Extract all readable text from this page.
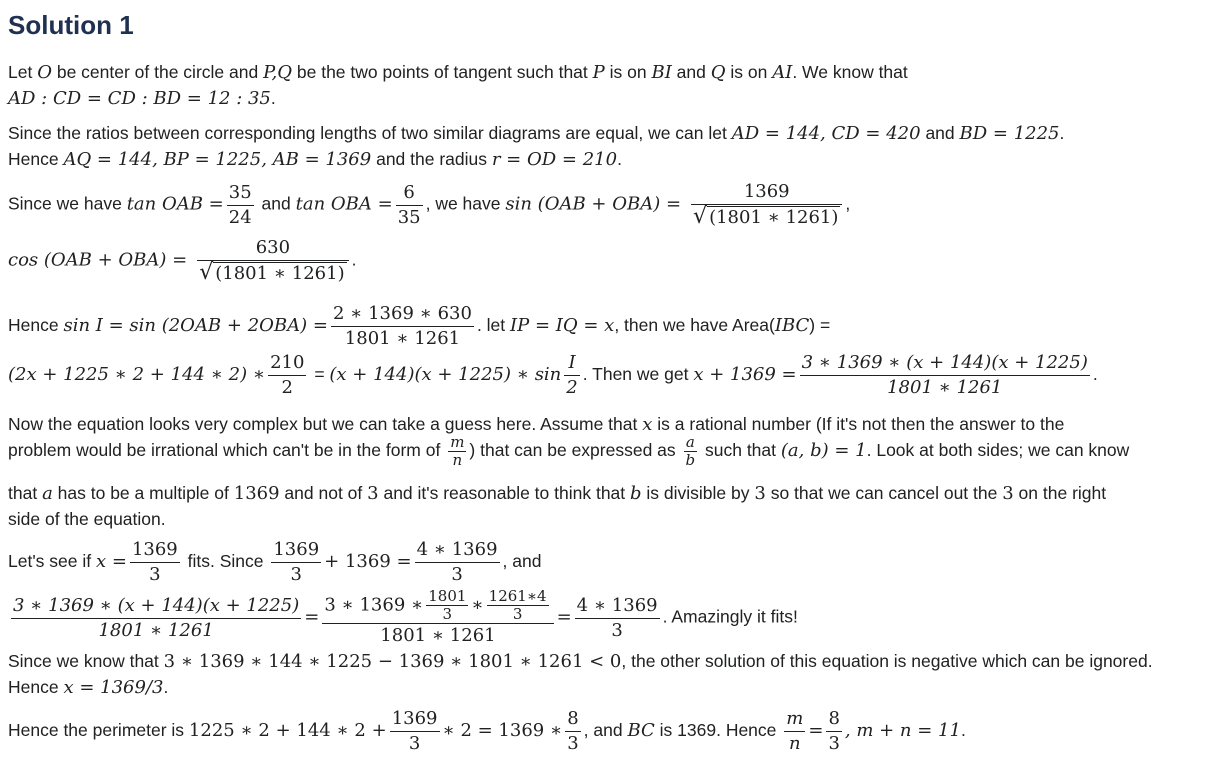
Solution 1
Let O be center of the circle and P,Q be the two points of tangent such that P is on BI and Q is on AI. We know that
AD : CD = CD : BD = 12 : 35.
Since the ratios between corresponding lengths of two similar diagrams are equal, we can let AD = 144, CD = 420 and BD = 1225.
Hence AQ = 144, BP = 1225, AB = 1369 and the radius r = OD = 210.
Since we have tan OAB = $\frac{35}{24}$ and tan OBA = $\frac{6}{35}$ , we have $\sin (OAB + OBA) = \frac{1369}{√ (1801 ∗ 1261)}$ ,
$\cos (OAB + OBA) = \frac{630}{√ (1801 ∗ 1261)}$ .
Hence $\sin I = \sin (2OAB + 2OBA) = \frac{2 ∗ 1369 ∗ 630}{1801 ∗ 1261}$ . let IP = IQ = x, then we have Area(IBC) =
(2x + 1225 ∗ 2 + 144 ∗ 2) ∗ $\frac{210}{2} = (x + 144)(x + 1225)$ ∗ $\sin \frac{I}{2}$ . Then we get $x + 1369 = \frac{3 ∗ 1369 ∗ (x + 144)(x + 1225)}{1801 ∗ 1261}$ .
Now the equation looks very complex but we can take a guess here. Assume that x is a rational number (If it's not then the answer to the
problem would be irrational which can't be in the form of $\frac{m}{n}$ ) that can be expressed as $\frac{a}{b}$ such that (a, b) = 1. Look at both sides; we can know
that a has to be a multiple of 1369 and not of 3 and it's reasonable to think that b is divisible by 3 so that we can cancel out the 3 on the right
side of the equation.
Let's see if $x = \frac{1369}{3}$ fits. Since $\frac{1369}{3} + 1369 = \frac{4 ∗ 1369}{3}$ , and
$\frac{3 ∗ 1369 ∗ (x + 144)(x + 1225)}{1801 ∗ 1261} = \frac{3 ∗ 1369 ∗ \frac{1801}{3} ∗ \frac{1261∗4}{3}}{1801 ∗ 1261} = \frac{4 ∗ 1369}{3}$ . Amazingly it fits!
Since we know that 3 ∗ 1369 ∗ 144 ∗ 1225 − 1369 ∗ 1801 ∗ 1261 < 0, the other solution of this equation is negative which can be ignored.
Hence x = 1369/3.
Hence the perimeter is 1225 ∗ 2 + 144 ∗ $2 + \frac{1369}{3}$ ∗ 2 = 1369 ∗ $\frac{8}{3}$ , and BC is 1369. Hence $\frac{m}{n} = \frac{8}{3}$ , m + n = 11.
